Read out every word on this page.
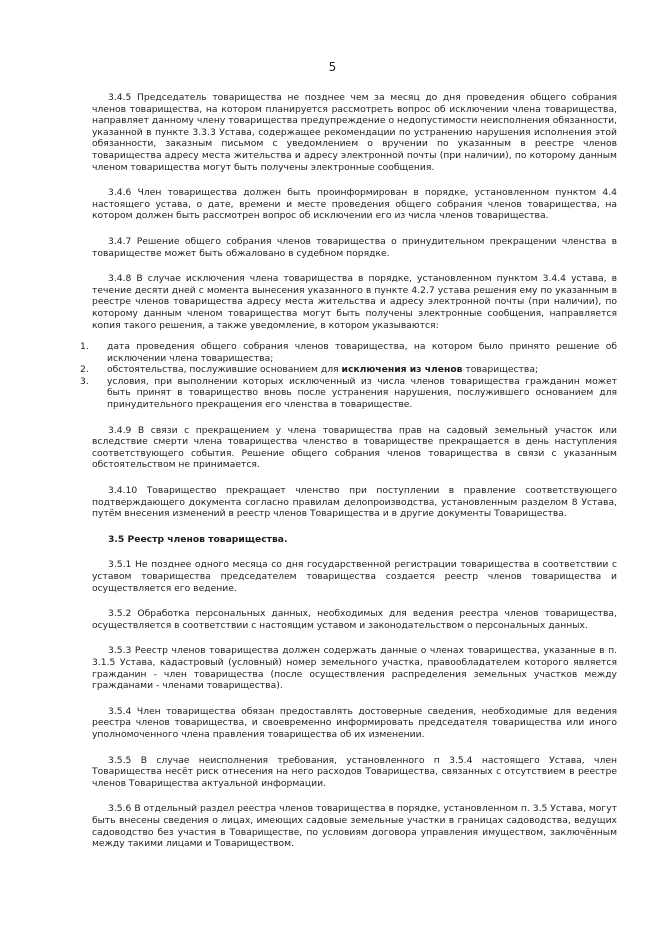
5

3.4.5 Председатель товарищества не позднее чем за месяц до дня проведения общего собрания членов товарищества, на котором планируется рассмотреть вопрос об исключении члена товарищества, направляет данному члену товарищества предупреждение о недопустимости неисполнения обязанности, указанной в пункте 3.3.3 Устава, содержащее рекомендации по устранению нарушения исполнения этой обязанности, заказным письмом с уведомлением о вручении по указанным в реестре членов товарищества адресу места жительства и адресу электронной почты (при наличии), по которому данным членом товарищества могут быть получены электронные сообщения.

3.4.6 Член товарищества должен быть проинформирован в порядке, установленном пунктом 4.4 настоящего устава, о дате, времени и месте проведения общего собрания членов товарищества, на котором должен быть рассмотрен вопрос об исключении его из числа членов товарищества.

3.4.7 Решение общего собрания членов товарищества о принудительном прекращении членства в товариществе может быть обжаловано в судебном порядке.

3.4.8 В случае исключения члена товарищества в порядке, установленном пунктом 3.4.4 устава, в течение десяти дней с момента вынесения указанного в пункте 4.2.7 устава решения ему по указанным в реестре членов товарищества адресу места жительства и адресу электронной почты (при наличии), по которому данным членом товарищества могут быть получены электронные сообщения, направляется копия такого решения, а также уведомление, в котором указываются:

1. дата проведения общего собрания членов товарищества, на котором было принято решение об исключении члена товарищества;
2. обстоятельства, послужившие основанием для исключения из членов товарищества;
3. условия, при выполнении которых исключенный из числа членов товарищества гражданин может быть принят в товарищество вновь после устранения нарушения, послужившего основанием для принудительного прекращения его членства в товариществе.

3.4.9 В связи с прекращением у члена товарищества прав на садовый земельный участок или вследствие смерти члена товарищества членство в товариществе прекращается в день наступления соответствующего события. Решение общего собрания членов товарищества в связи с указанным обстоятельством не принимается.

3.4.10 Товарищество прекращает членство при поступлении в правление соответствующего подтверждающего документа согласно правилам делопроизводства, установленным разделом 8 Устава, путём внесения изменений в реестр членов Товарищества и в другие документы Товарищества.

3.5 Реестр членов товарищества.

3.5.1 Не позднее одного месяца со дня государственной регистрации товарищества в соответствии с уставом товарищества председателем товарищества создается реестр членов товарищества и осуществляется его ведение.

3.5.2 Обработка персональных данных, необходимых для ведения реестра членов товарищества, осуществляется в соответствии с настоящим уставом и законодательством о персональных данных.

3.5.3 Реестр членов товарищества должен содержать данные о членах товарищества, указанные в п. 3.1.5 Устава, кадастровый (условный) номер земельного участка, правообладателем которого является гражданин - член товарищества (после осуществления распределения земельных участков между гражданами - членами товарищества).

3.5.4 Член товарищества обязан предоставлять достоверные сведения, необходимые для ведения реестра членов товарищества, и своевременно информировать председателя товарищества или иного уполномоченного члена правления товарищества об их изменении.

3.5.5 В случае неисполнения требования, установленного п 3.5.4 настоящего Устава, член Товарищества несёт риск отнесения на него расходов Товарищества, связанных с отсутствием в реестре членов Товарищества актуальной информации.

3.5.6 В отдельный раздел реестра членов товарищества в порядке, установленном п. 3.5 Устава, могут быть внесены сведения о лицах, имеющих садовые земельные участки в границах садоводства, ведущих садоводство без участия в Товариществе, по условиям договора управления имуществом, заключённым между такими лицами и Товариществом.
